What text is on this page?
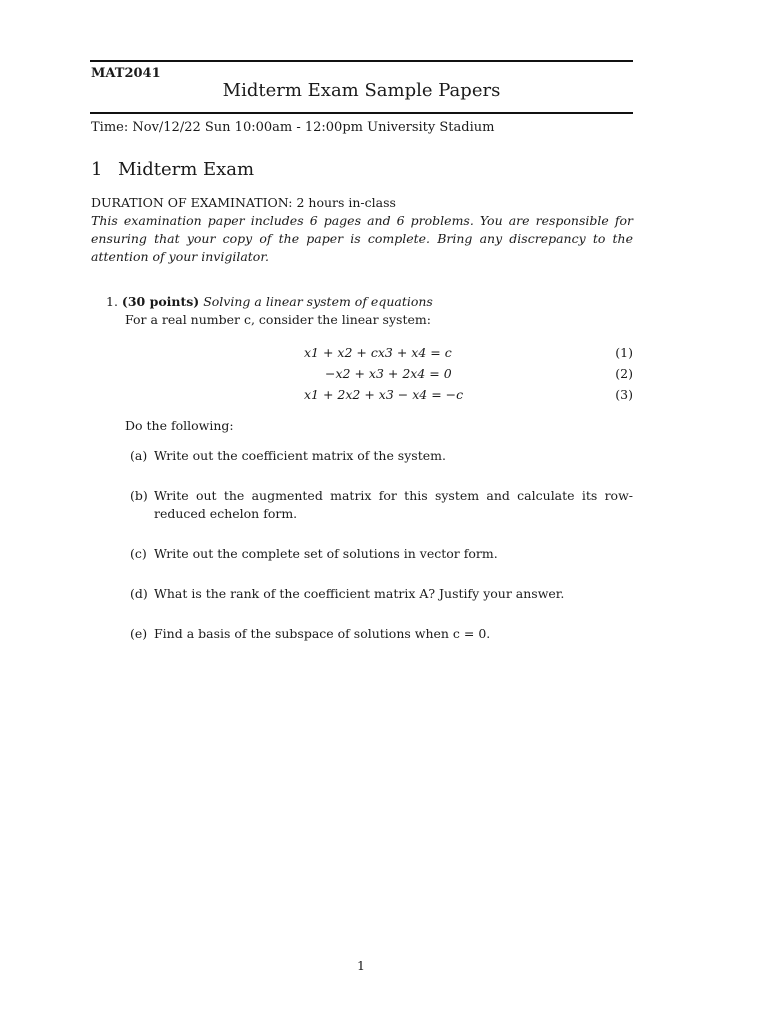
MAT2041
Midterm Exam Sample Papers
Time: Nov/12/22 Sun 10:00am - 12:00pm University Stadium
1 Midterm Exam
DURATION OF EXAMINATION: 2 hours in-class
This examination paper includes 6 pages and 6 problems. You are responsible for ensuring that your copy of the paper is complete. Bring any discrepancy to the attention of your invigilator.
1. (30 points) Solving a linear system of equations
For a real number c, consider the linear system:
x1 + x2 + cx3 + x4 = c	(1)
−x2 + x3 + 2x4 = 0	(2)
x1 + 2x2 + x3 − x4 = −c	(3)
Do the following:
(a) Write out the coefficient matrix of the system.
(b) Write out the augmented matrix for this system and calculate its row-reduced echelon form.
(c) Write out the complete set of solutions in vector form.
(d) What is the rank of the coefficient matrix A? Justify your answer.
(e) Find a basis of the subspace of solutions when c = 0.
1
